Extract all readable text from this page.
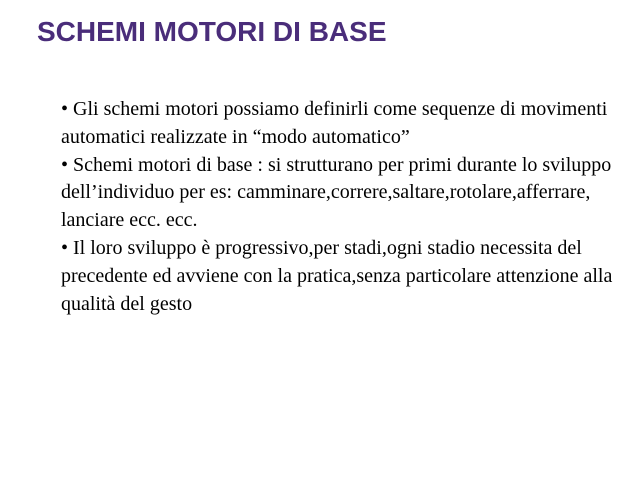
SCHEMI MOTORI DI BASE

• Gli schemi motori possiamo definirli come sequenze di movimenti automatici realizzate in “modo automatico”

• Schemi motori di base : si strutturano per primi durante lo sviluppo dell’individuo per es: camminare,correre,saltare,rotolare,afferrare, lanciare ecc. ecc.

• Il loro sviluppo è progressivo,per stadi,ogni stadio necessita del precedente ed avviene con la pratica,senza particolare attenzione alla qualità del gesto
